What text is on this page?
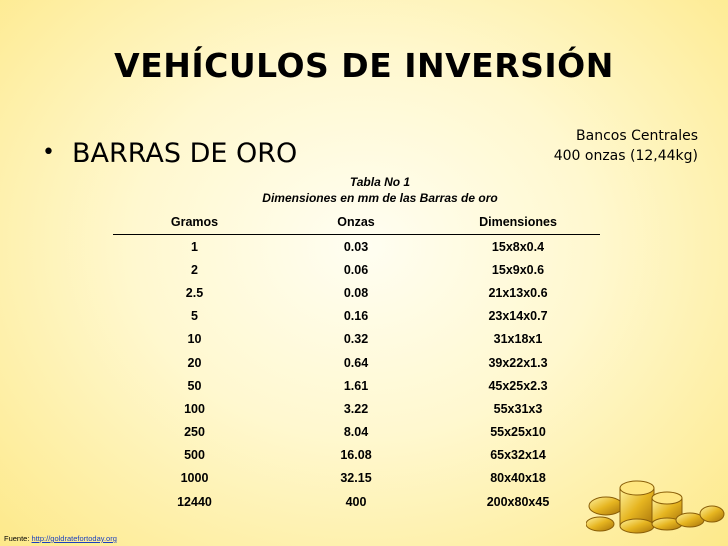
VEHÍCULOS DE INVERSIÓN
• BARRAS DE ORO
Bancos Centrales
400 onzas (12,44kg)
Tabla No 1
Dimensiones en mm de las Barras de oro
Gramos	Onzas	Dimensiones
1	0.03	15x8x0.4
2	0.06	15x9x0.6
2.5	0.08	21x13x0.6
5	0.16	23x14x0.7
10	0.32	31x18x1
20	0.64	39x22x1.3
50	1.61	45x25x2.3
100	3.22	55x31x3
250	8.04	55x25x10
500	16.08	65x32x14
1000	32.15	80x40x18
12440	400	200x80x45
Fuente: http://goldratefortoday.org
